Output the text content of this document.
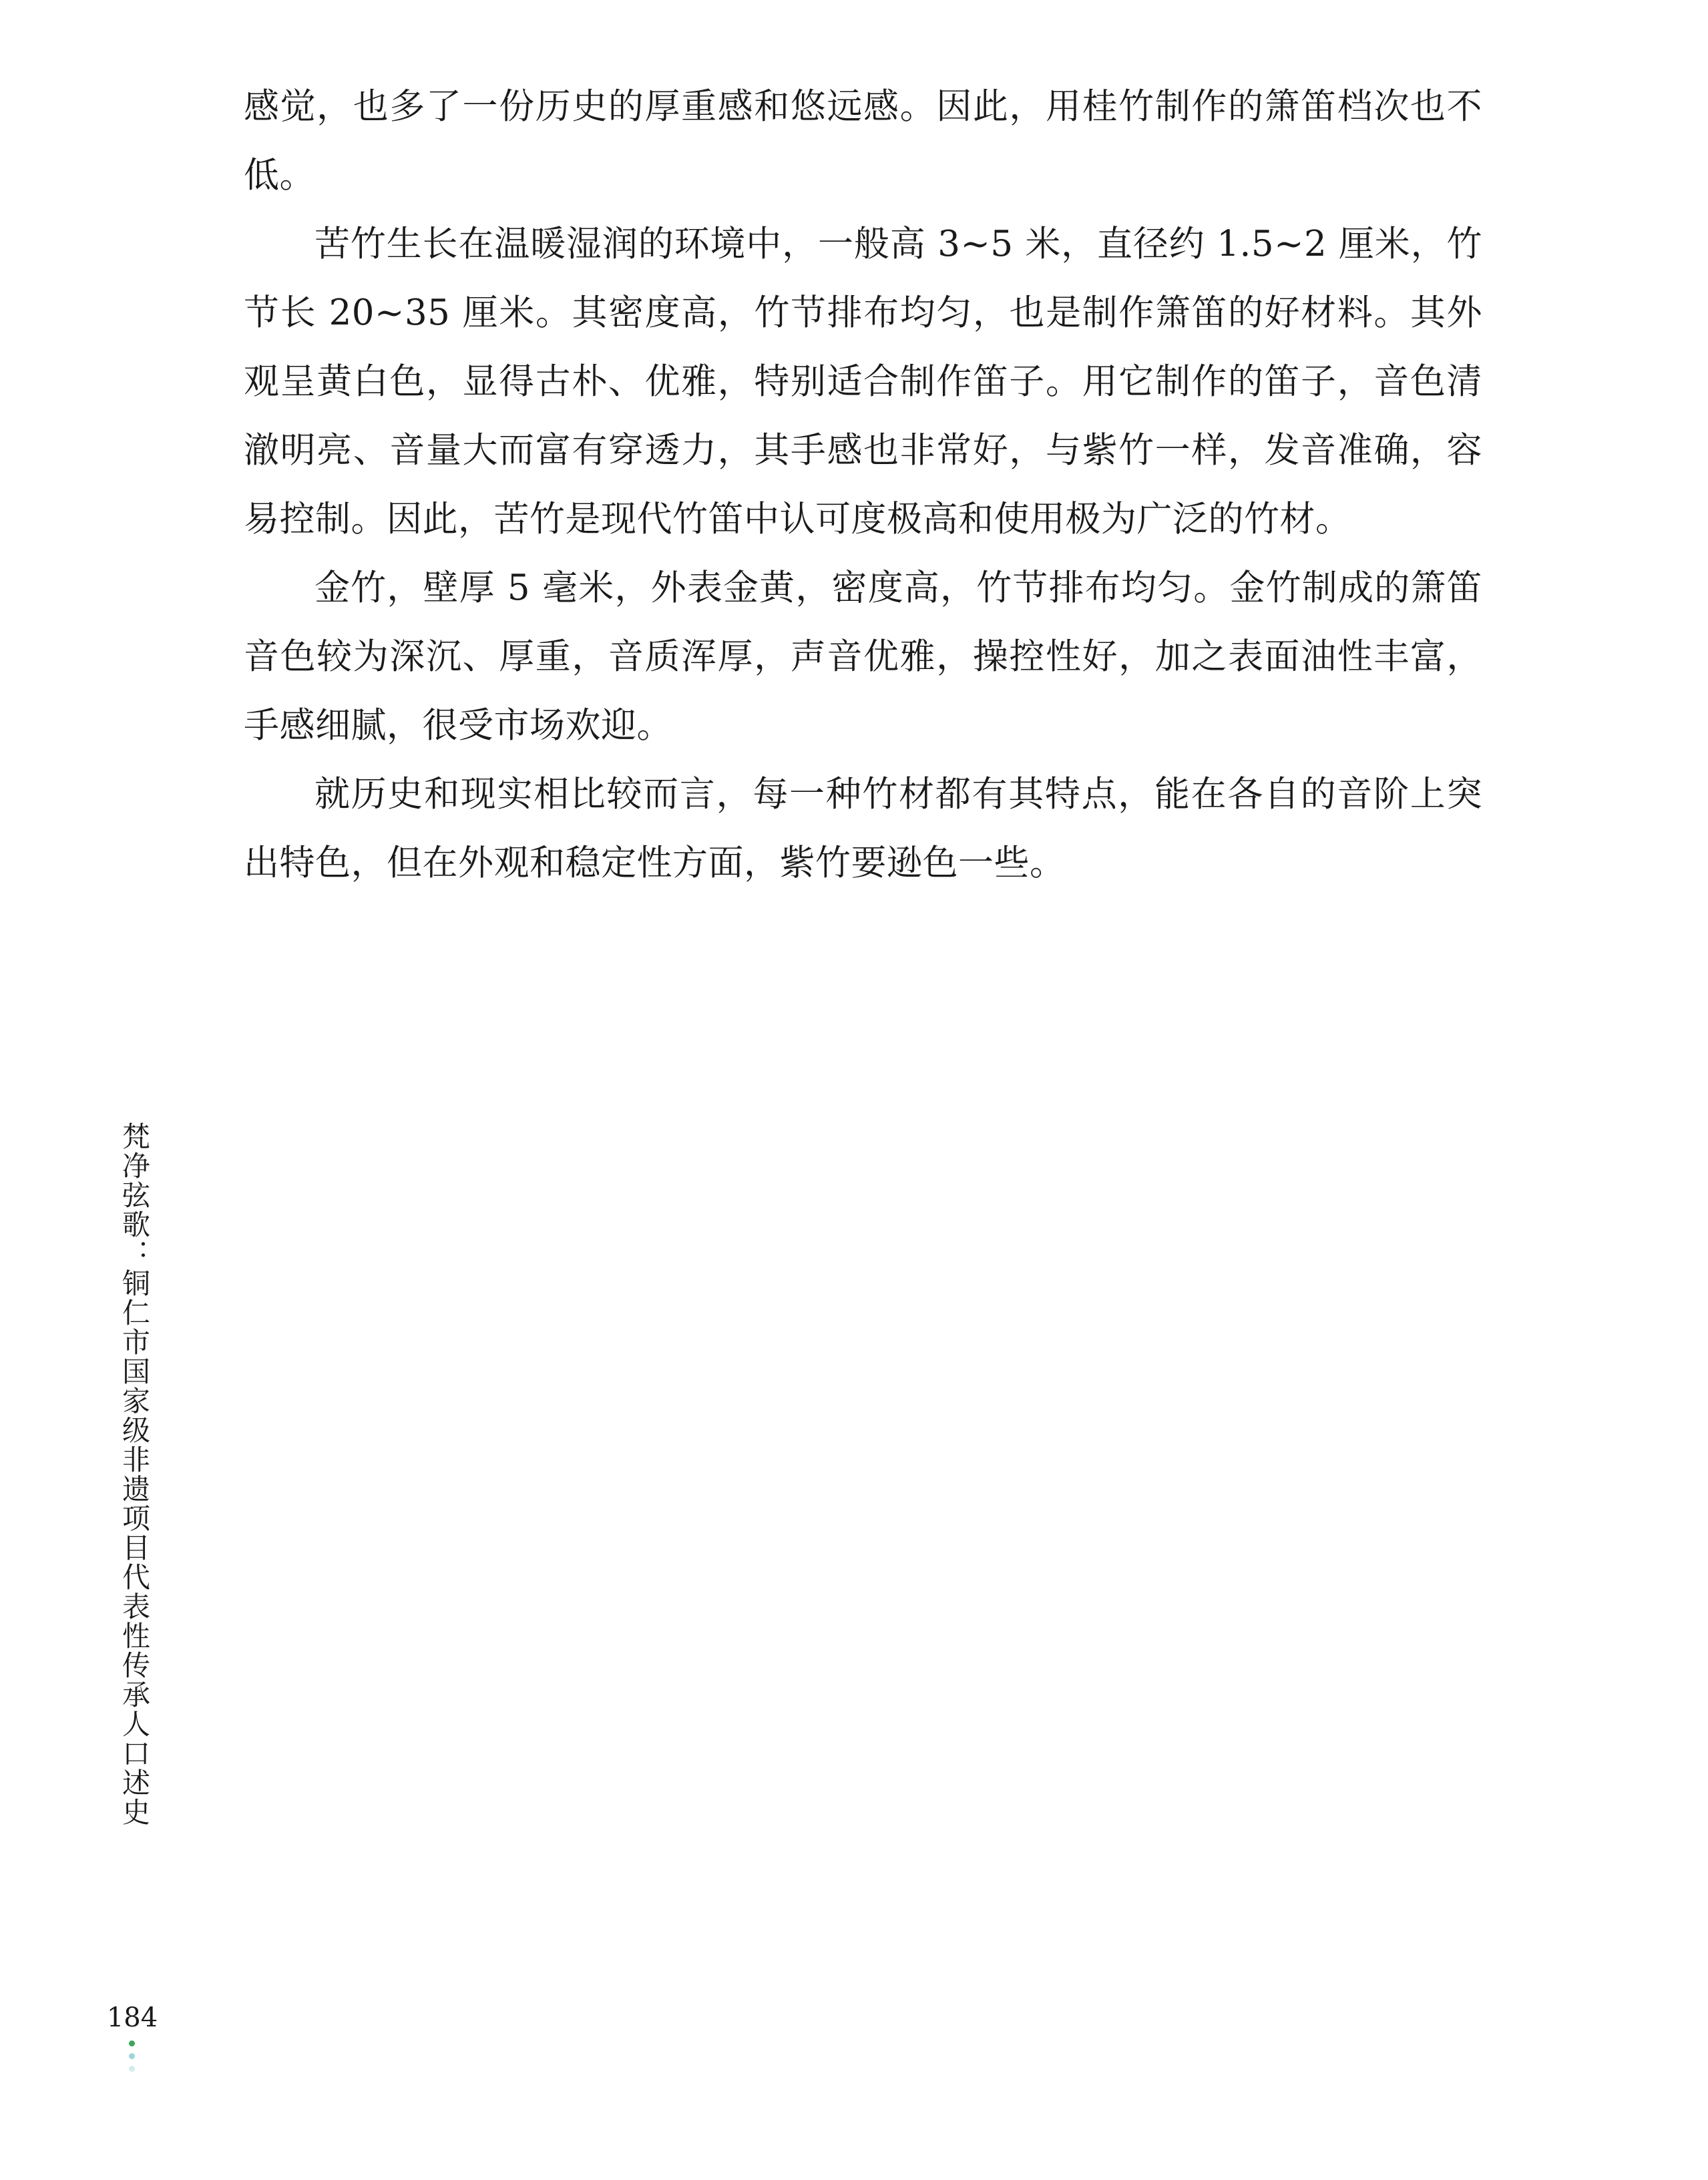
感觉，也多了一份历史的厚重感和悠远感。因此，用桂竹制作的箫笛档次也不低。

苦竹生长在温暖湿润的环境中，一般高 3~5 米，直径约 1.5~2 厘米，竹节长 20~35 厘米。其密度高，竹节排布均匀，也是制作箫笛的好材料。其外观呈黄白色，显得古朴、优雅，特别适合制作笛子。用它制作的笛子，音色清澈明亮、音量大而富有穿透力，其手感也非常好，与紫竹一样，发音准确，容易控制。因此，苦竹是现代竹笛中认可度极高和使用极为广泛的竹材。

金竹，壁厚 5 毫米，外表金黄，密度高，竹节排布均匀。金竹制成的箫笛音色较为深沉、厚重，音质浑厚，声音优雅，操控性好，加之表面油性丰富，手感细腻，很受市场欢迎。

就历史和现实相比较而言，每一种竹材都有其特点，能在各自的音阶上突出特色，但在外观和稳定性方面，紫竹要逊色一些。

梵净弦歌：铜仁市国家级非遗项目代表性传承人口述史
184
